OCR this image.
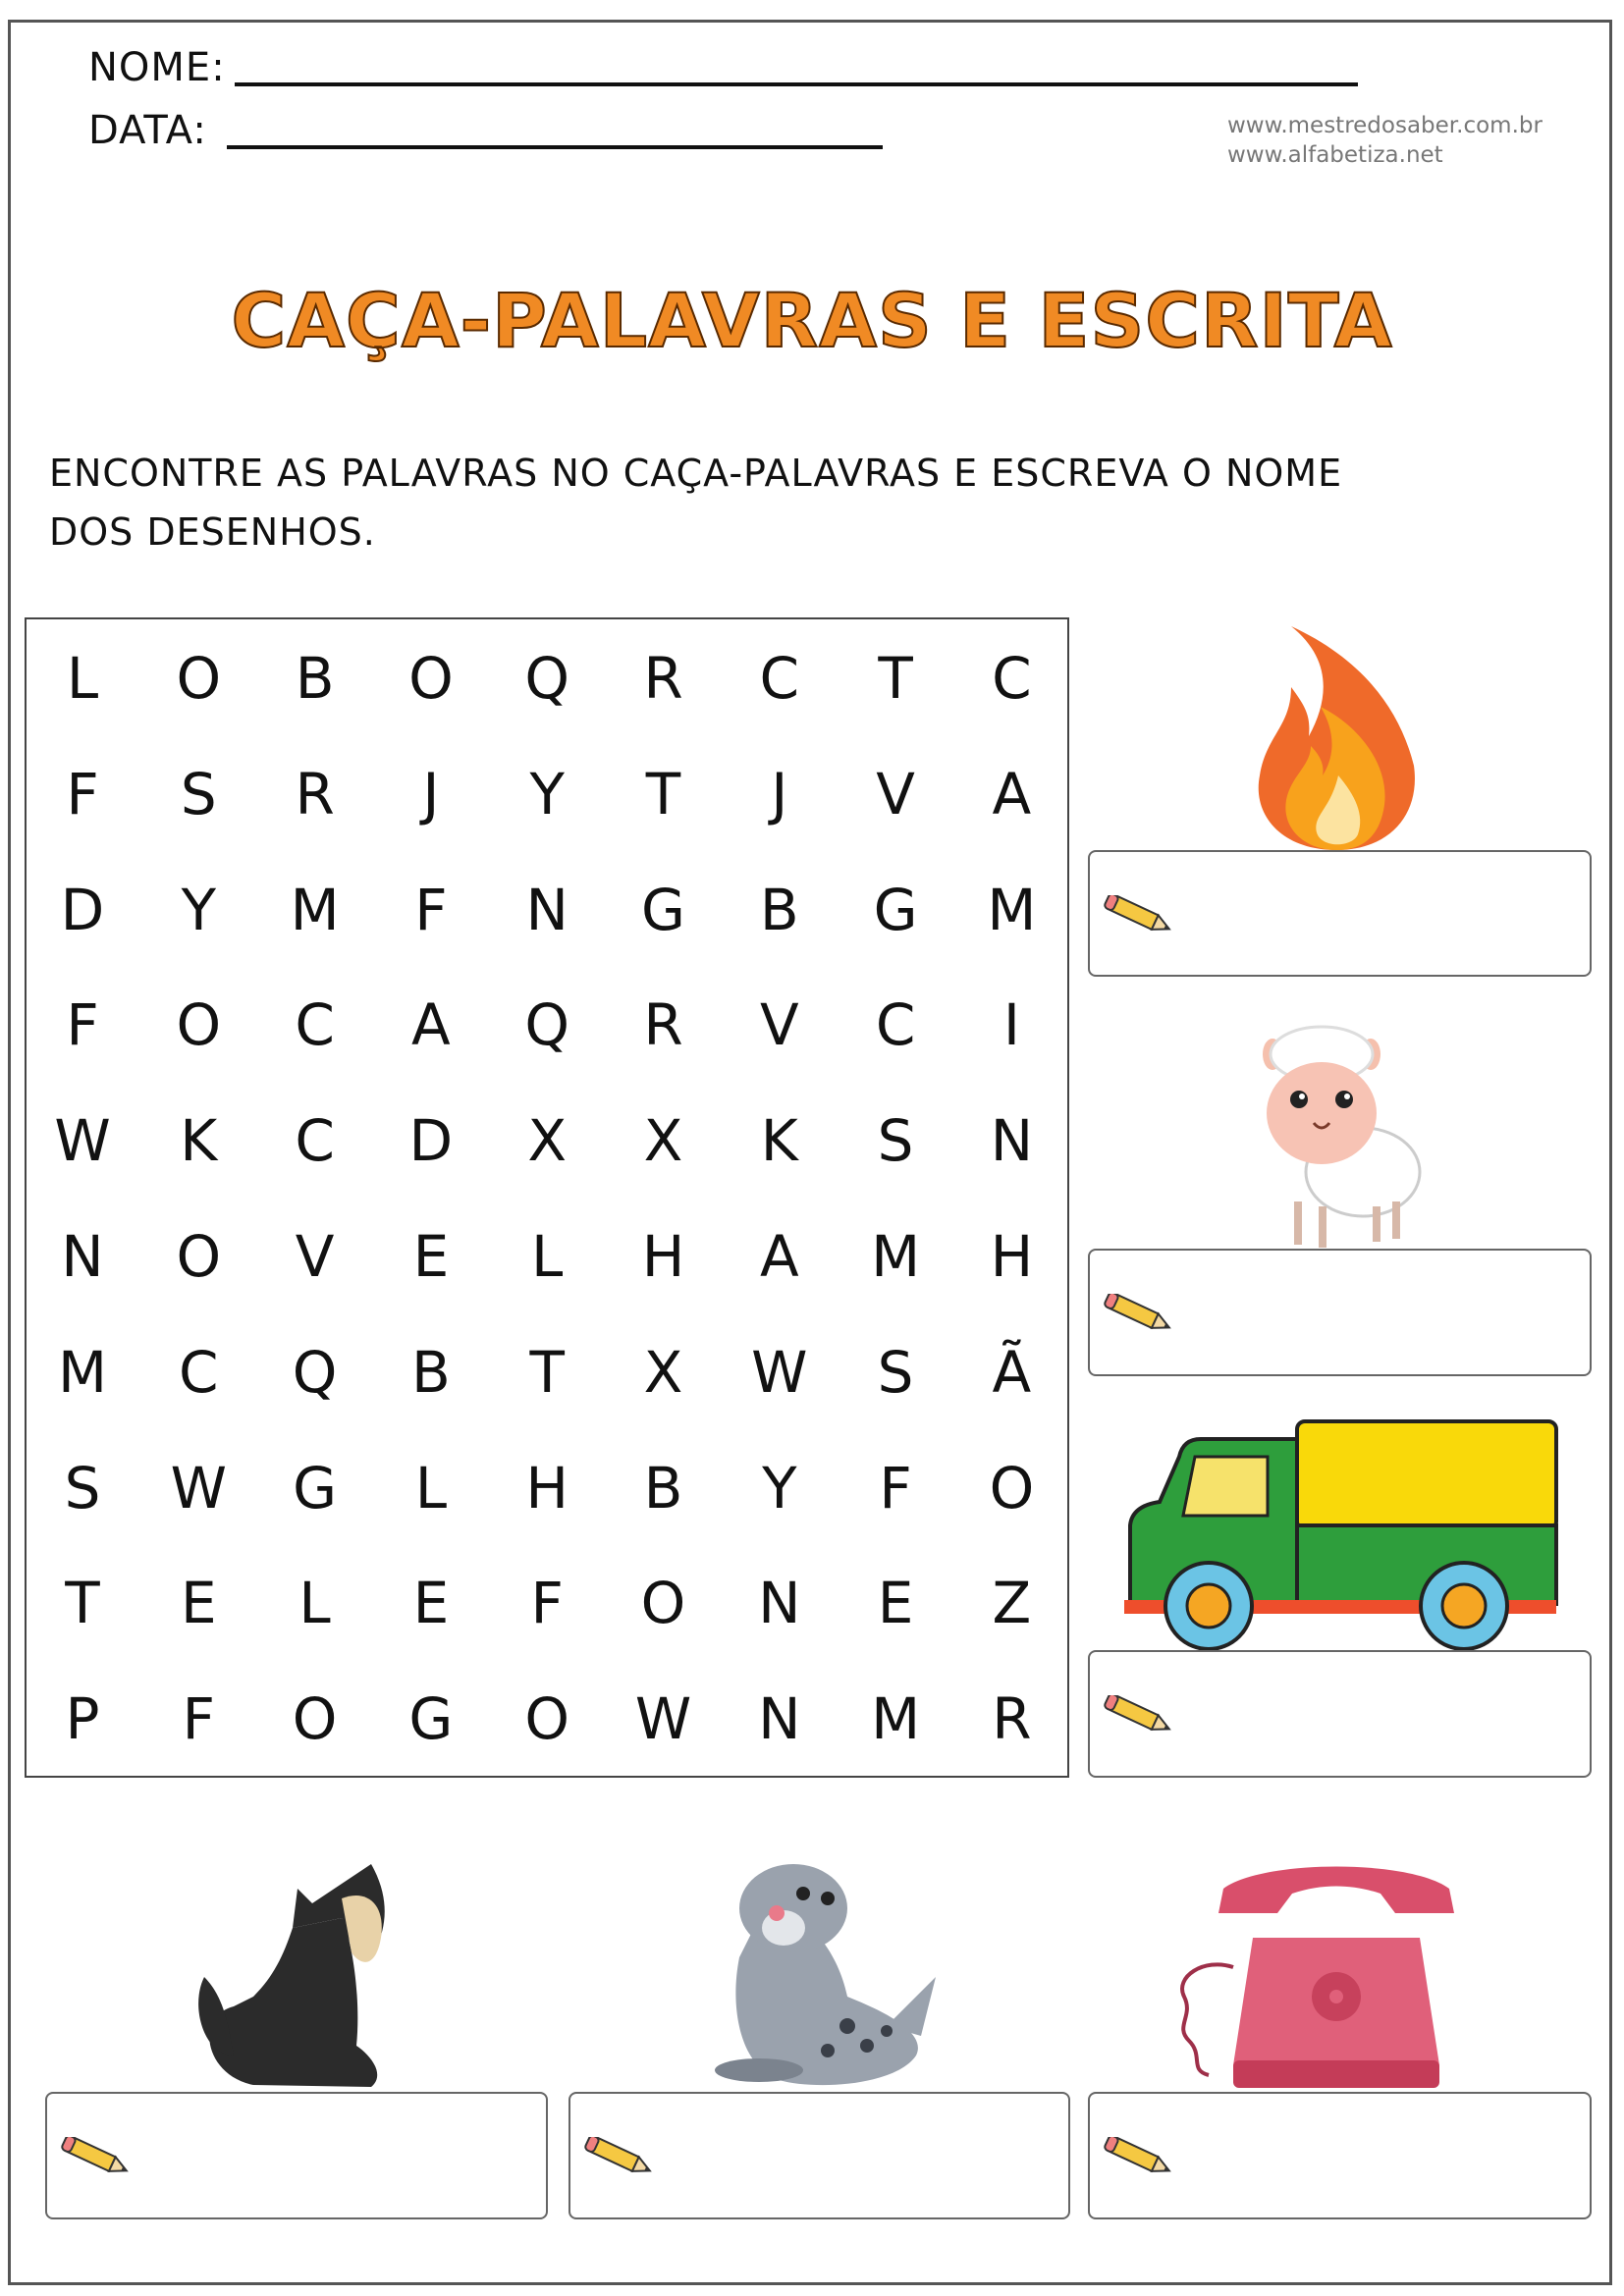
NOME:
DATA:	www.mestredosaber.com.br
www.alfabetiza.net
CAÇA-PALAVRAS E ESCRITA
ENCONTRE AS PALAVRAS NO CAÇA-PALAVRAS E ESCREVA O NOME
DOS DESENHOS.
L	O	B	O	Q	R	C	T	C
F	S	R	J	Y	T	J	V	A
D	Y	M	F	N	G	B	G	M
F	O	C	A	Q	R	V	C	I
W	K	C	D	X	X	K	S	N
N	O	V	E	L	H	A	M	H
M	C	Q	B	T	X	W	S	Ã
S	W	G	L	H	B	Y	F	O
T	E	L	E	F	O	N	E	Z
P	F	O	G	O	W	N	M	R
